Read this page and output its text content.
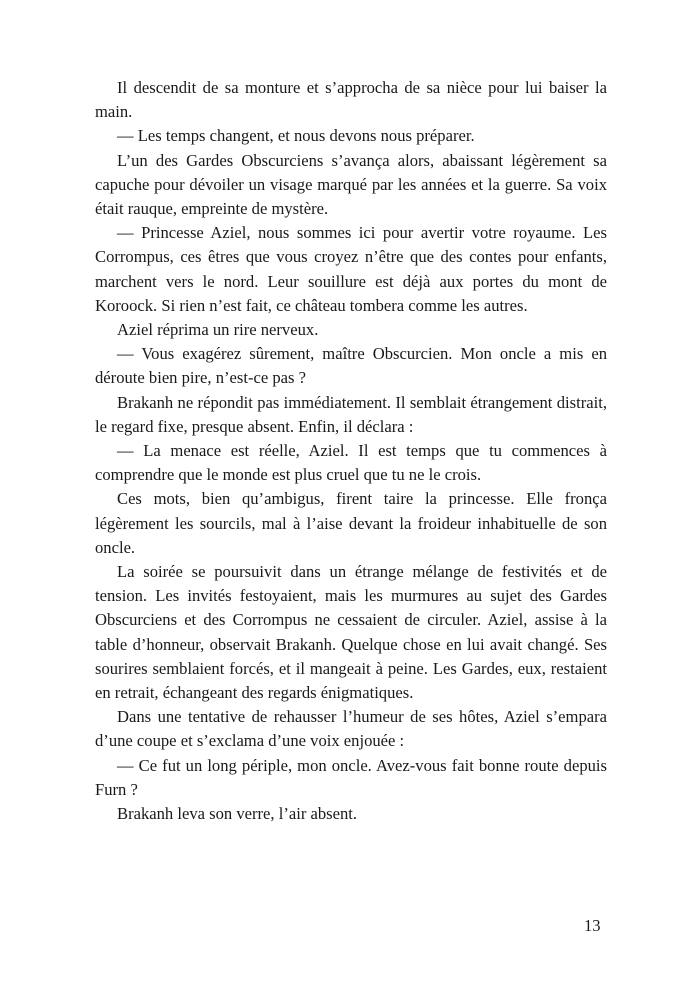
Il descendit de sa monture et s’approcha de sa nièce pour lui baiser la main.

— Les temps changent, et nous devons nous préparer.

L’un des Gardes Obscurciens s’avança alors, abaissant légèrement sa capuche pour dévoiler un visage marqué par les années et la guerre. Sa voix était rauque, empreinte de mystère.

— Princesse Aziel, nous sommes ici pour avertir votre royaume. Les Corrompus, ces êtres que vous croyez n’être que des contes pour enfants, marchent vers le nord. Leur souillure est déjà aux portes du mont de Koroock. Si rien n’est fait, ce château tombera comme les autres.

Aziel réprima un rire nerveux.

— Vous exagérez sûrement, maître Obscurcien. Mon oncle a mis en déroute bien pire, n’est-ce pas ?

Brakanh ne répondit pas immédiatement. Il semblait étrangement distrait, le regard fixe, presque absent. Enfin, il déclara :

— La menace est réelle, Aziel. Il est temps que tu commences à comprendre que le monde est plus cruel que tu ne le crois.

Ces mots, bien qu’ambigus, firent taire la princesse. Elle fronça légèrement les sourcils, mal à l’aise devant la froideur inhabituelle de son oncle.

La soirée se poursuivit dans un étrange mélange de festivités et de tension. Les invités festoyaient, mais les murmures au sujet des Gardes Obscurciens et des Corrompus ne cessaient de circuler. Aziel, assise à la table d’honneur, observait Brakanh. Quelque chose en lui avait changé. Ses sourires semblaient forcés, et il mangeait à peine. Les Gardes, eux, restaient en retrait, échangeant des regards énigmatiques.

Dans une tentative de rehausser l’humeur de ses hôtes, Aziel s’empara d’une coupe et s’exclama d’une voix enjouée :

— Ce fut un long périple, mon oncle. Avez-vous fait bonne route depuis Furn ?

Brakanh leva son verre, l’air absent.

13
